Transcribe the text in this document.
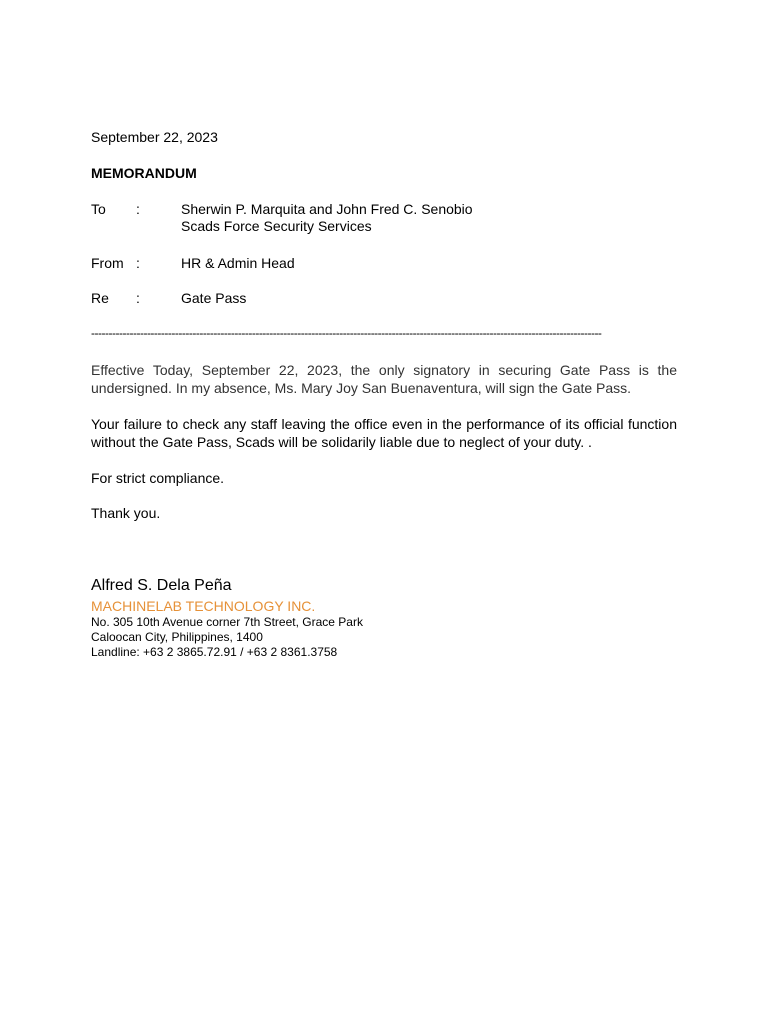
September 22, 2023
MEMORANDUM
To :	Sherwin P. Marquita and John Fred C. Senobio
Scads Force Security Services
From :	HR & Admin Head
Re :	Gate Pass
--------------------------------------------------------------------------------------------------------------------------------------------------

Effective Today, September 22, 2023, the only signatory in securing Gate Pass is the undersigned. In my absence, Ms. Mary Joy San Buenaventura, will sign the Gate Pass.

Your failure to check any staff leaving the office even in the performance of its official function without the Gate Pass, Scads will be solidarily liable due to neglect of your duty. .

For strict compliance.

Thank you.

Alfred S. Dela Peña
MACHINELAB TECHNOLOGY INC.
No. 305 10th Avenue corner 7th Street, Grace Park
Caloocan City, Philippines, 1400
Landline: +63 2 3865.72.91 / +63 2 8361.3758
